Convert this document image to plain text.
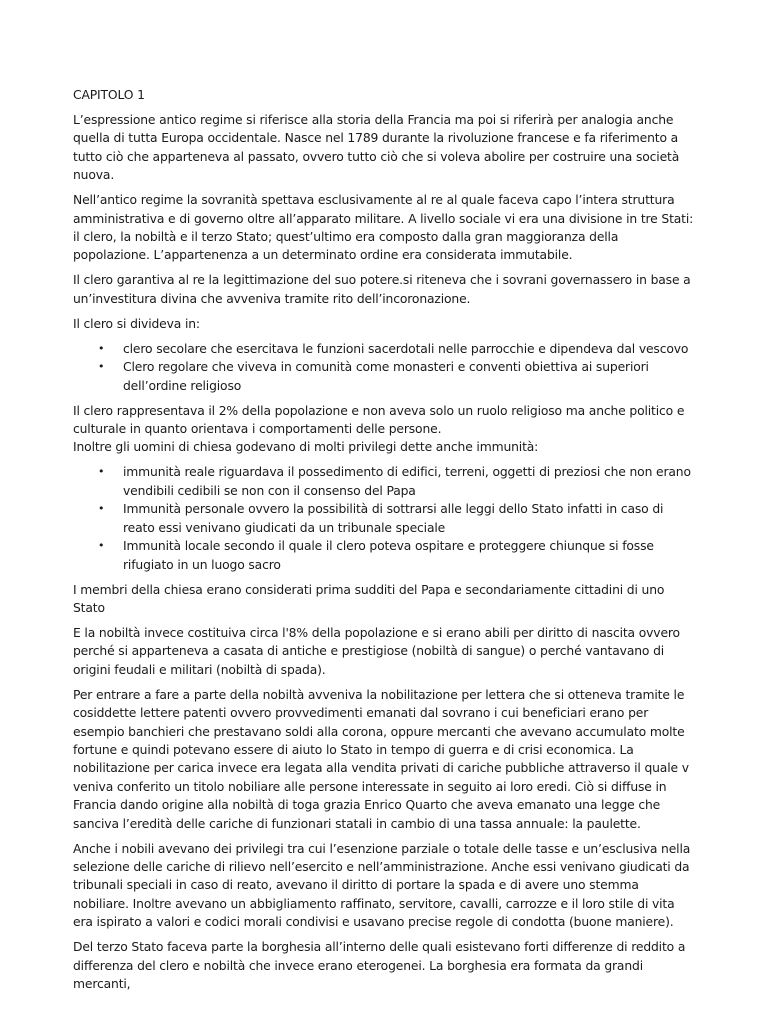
CAPITOLO 1

L’espressione antico regime si riferisce alla storia della Francia ma poi si riferirà per analogia anche quella di tutta Europa occidentale. Nasce nel 1789 durante la rivoluzione francese e fa riferimento a tutto ciò che apparteneva al passato, ovvero tutto ciò che si voleva abolire per costruire una società nuova.

Nell’antico regime la sovranità spettava esclusivamente al re al quale faceva capo l’intera struttura amministrativa e di governo oltre all’apparato militare. A livello sociale vi era una divisione in tre Stati: il clero, la nobiltà e il terzo Stato; quest’ultimo era composto dalla gran maggioranza della popolazione. L’appartenenza a un determinato ordine era considerata immutabile.

Il clero garantiva al re la legittimazione del suo potere.si riteneva che i sovrani governassero in base a un’investitura divina che avveniva tramite rito dell’incoronazione.

Il clero si divideva in:

• clero secolare che esercitava le funzioni sacerdotali nelle parrocchie e dipendeva dal vescovo
• Clero regolare che viveva in comunità come monasteri e conventi obiettiva ai superiori dell’ordine religioso

Il clero rappresentava il 2% della popolazione e non aveva solo un ruolo religioso ma anche politico e culturale in quanto orientava i comportamenti delle persone.

Inoltre gli uomini di chiesa godevano di molti privilegi dette anche immunità:

• immunità reale riguardava il possedimento di edifici, terreni, oggetti di preziosi che non erano vendibili cedibili se non con il consenso del Papa
• Immunità personale ovvero la possibilità di sottrarsi alle leggi dello Stato infatti in caso di reato essi venivano giudicati da un tribunale speciale
• Immunità locale secondo il quale il clero poteva ospitare e proteggere chiunque si fosse rifugiato in un luogo sacro

I membri della chiesa erano considerati prima sudditi del Papa e secondariamente cittadini di uno Stato

E la nobiltà invece costituiva circa l'8% della popolazione e si erano abili per diritto di nascita ovvero perché si apparteneva a casata di antiche e prestigiose (nobiltà di sangue) o perché vantavano di origini feudali e militari (nobiltà di spada).

Per entrare a fare a parte della nobiltà avveniva la nobilitazione per lettera che si otteneva tramite le cosiddette lettere patenti ovvero provvedimenti emanati dal sovrano i cui beneficiari erano per esempio banchieri che prestavano soldi alla corona, oppure mercanti che avevano accumulato molte fortune e quindi potevano essere di aiuto lo Stato in tempo di guerra e di crisi economica. La nobilitazione per carica invece era legata alla vendita privati di cariche pubbliche attraverso il quale v veniva conferito un titolo nobiliare alle persone interessate in seguito ai loro eredi. Ciò si diffuse in Francia dando origine alla nobiltà di toga grazia Enrico Quarto che aveva emanato una legge che sanciva l’eredità delle cariche di funzionari statali in cambio di una tassa annuale: la paulette.

Anche i nobili avevano dei privilegi tra cui l’esenzione parziale o totale delle tasse e un’esclusiva nella selezione delle cariche di rilievo nell’esercito e nell’amministrazione. Anche essi venivano giudicati da tribunali speciali in caso di reato, avevano il diritto di portare la spada e di avere uno stemma nobiliare. Inoltre avevano un abbigliamento raffinato, servitore, cavalli, carrozze e il loro stile di vita era ispirato a valori e codici morali condivisi e usavano precise regole di condotta (buone maniere).

Del terzo Stato faceva parte la borghesia all’interno delle quali esistevano forti differenze di reddito a differenza del clero e nobiltà che invece erano eterogenei. La borghesia era formata da grandi mercanti,
